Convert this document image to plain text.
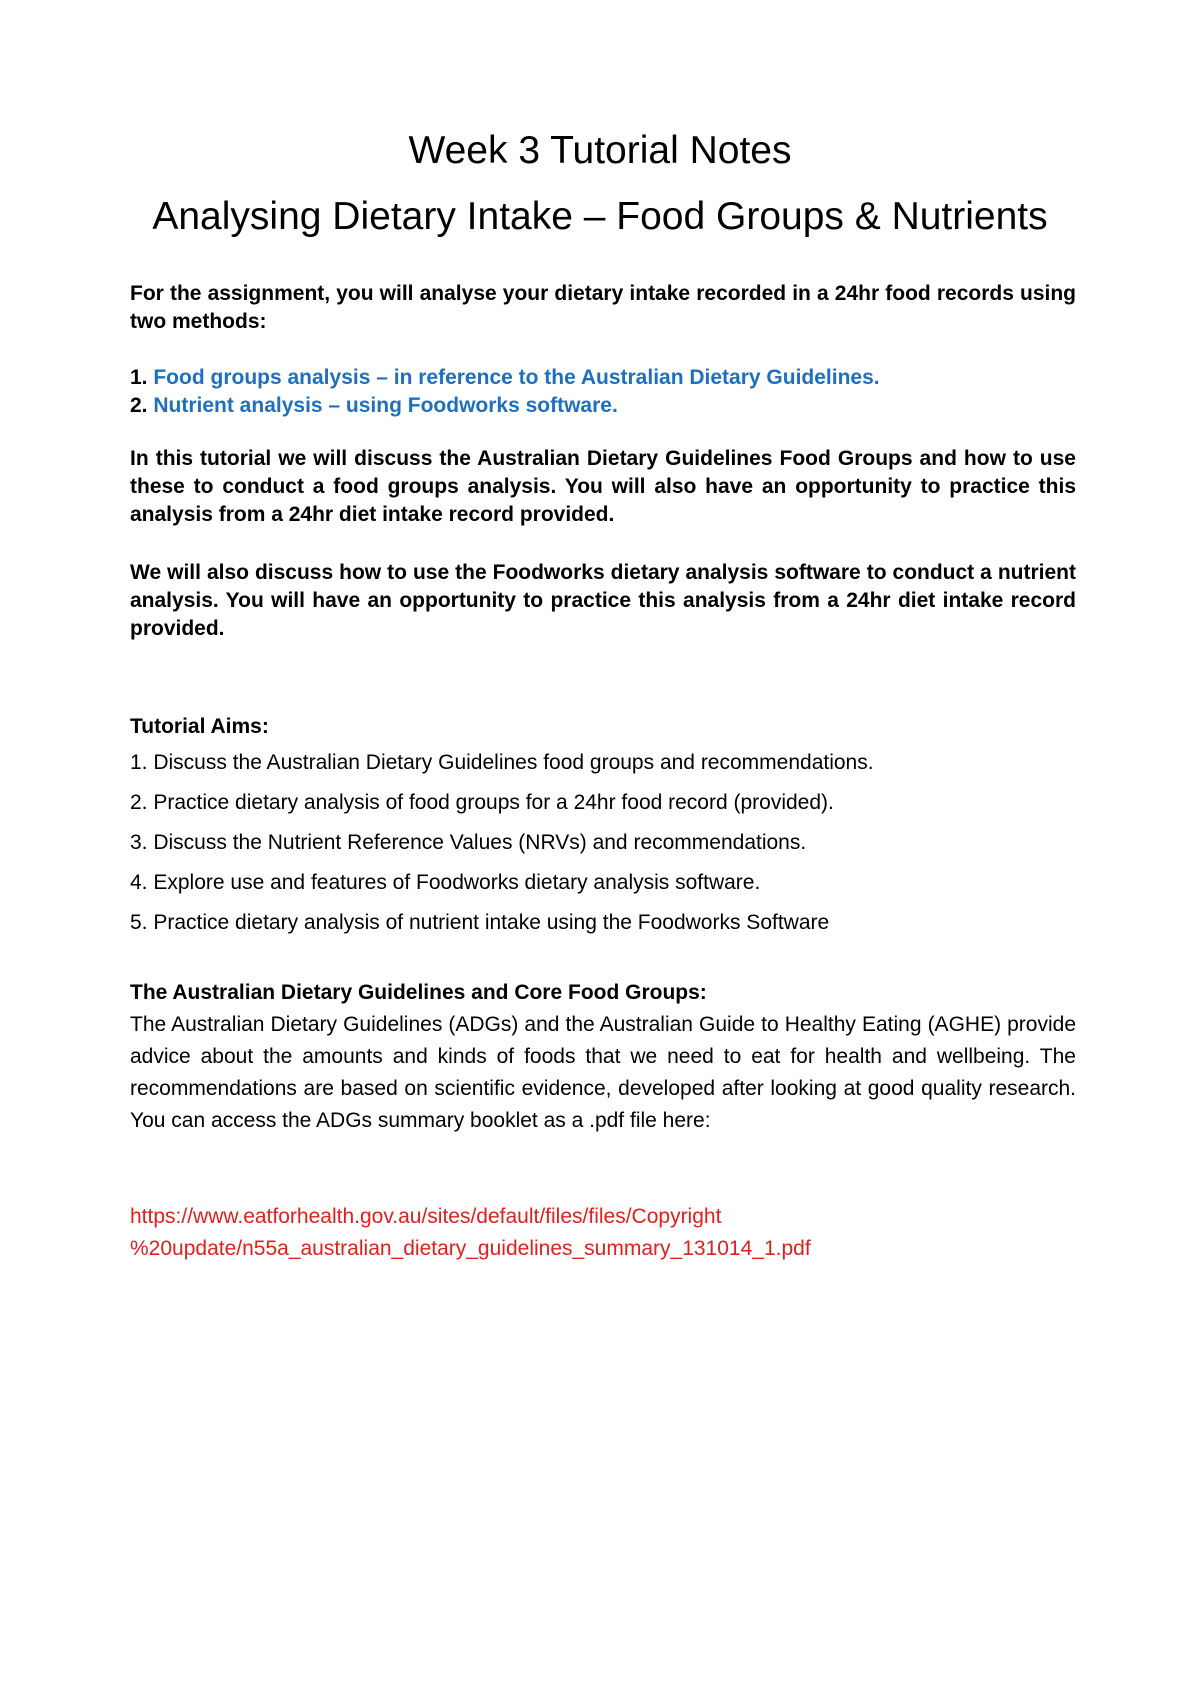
Week 3 Tutorial Notes
Analysing Dietary Intake – Food Groups & Nutrients

For the assignment, you will analyse your dietary intake recorded in a 24hr food records using two methods:

1. Food groups analysis – in reference to the Australian Dietary Guidelines.
2. Nutrient analysis – using Foodworks software.

In this tutorial we will discuss the Australian Dietary Guidelines Food Groups and how to use these to conduct a food groups analysis. You will also have an opportunity to practice this analysis from a 24hr diet intake record provided.

We will also discuss how to use the Foodworks dietary analysis software to conduct a nutrient analysis. You will have an opportunity to practice this analysis from a 24hr diet intake record provided.

Tutorial Aims:
1. Discuss the Australian Dietary Guidelines food groups and recommendations.
2. Practice dietary analysis of food groups for a 24hr food record (provided).
3. Discuss the Nutrient Reference Values (NRVs) and recommendations.
4. Explore use and features of Foodworks dietary analysis software.
5. Practice dietary analysis of nutrient intake using the Foodworks Software
The Australian Dietary Guidelines and Core Food Groups:

The Australian Dietary Guidelines (ADGs) and the Australian Guide to Healthy Eating (AGHE) provide advice about the amounts and kinds of foods that we need to eat for health and wellbeing. The recommendations are based on scientific evidence, developed after looking at good quality research. You can access the ADGs summary booklet as a .pdf file here:

https://www.eatforhealth.gov.au/sites/default/files/files/Copyright
%20update/n55a_australian_dietary_guidelines_summary_131014_1.pdf
